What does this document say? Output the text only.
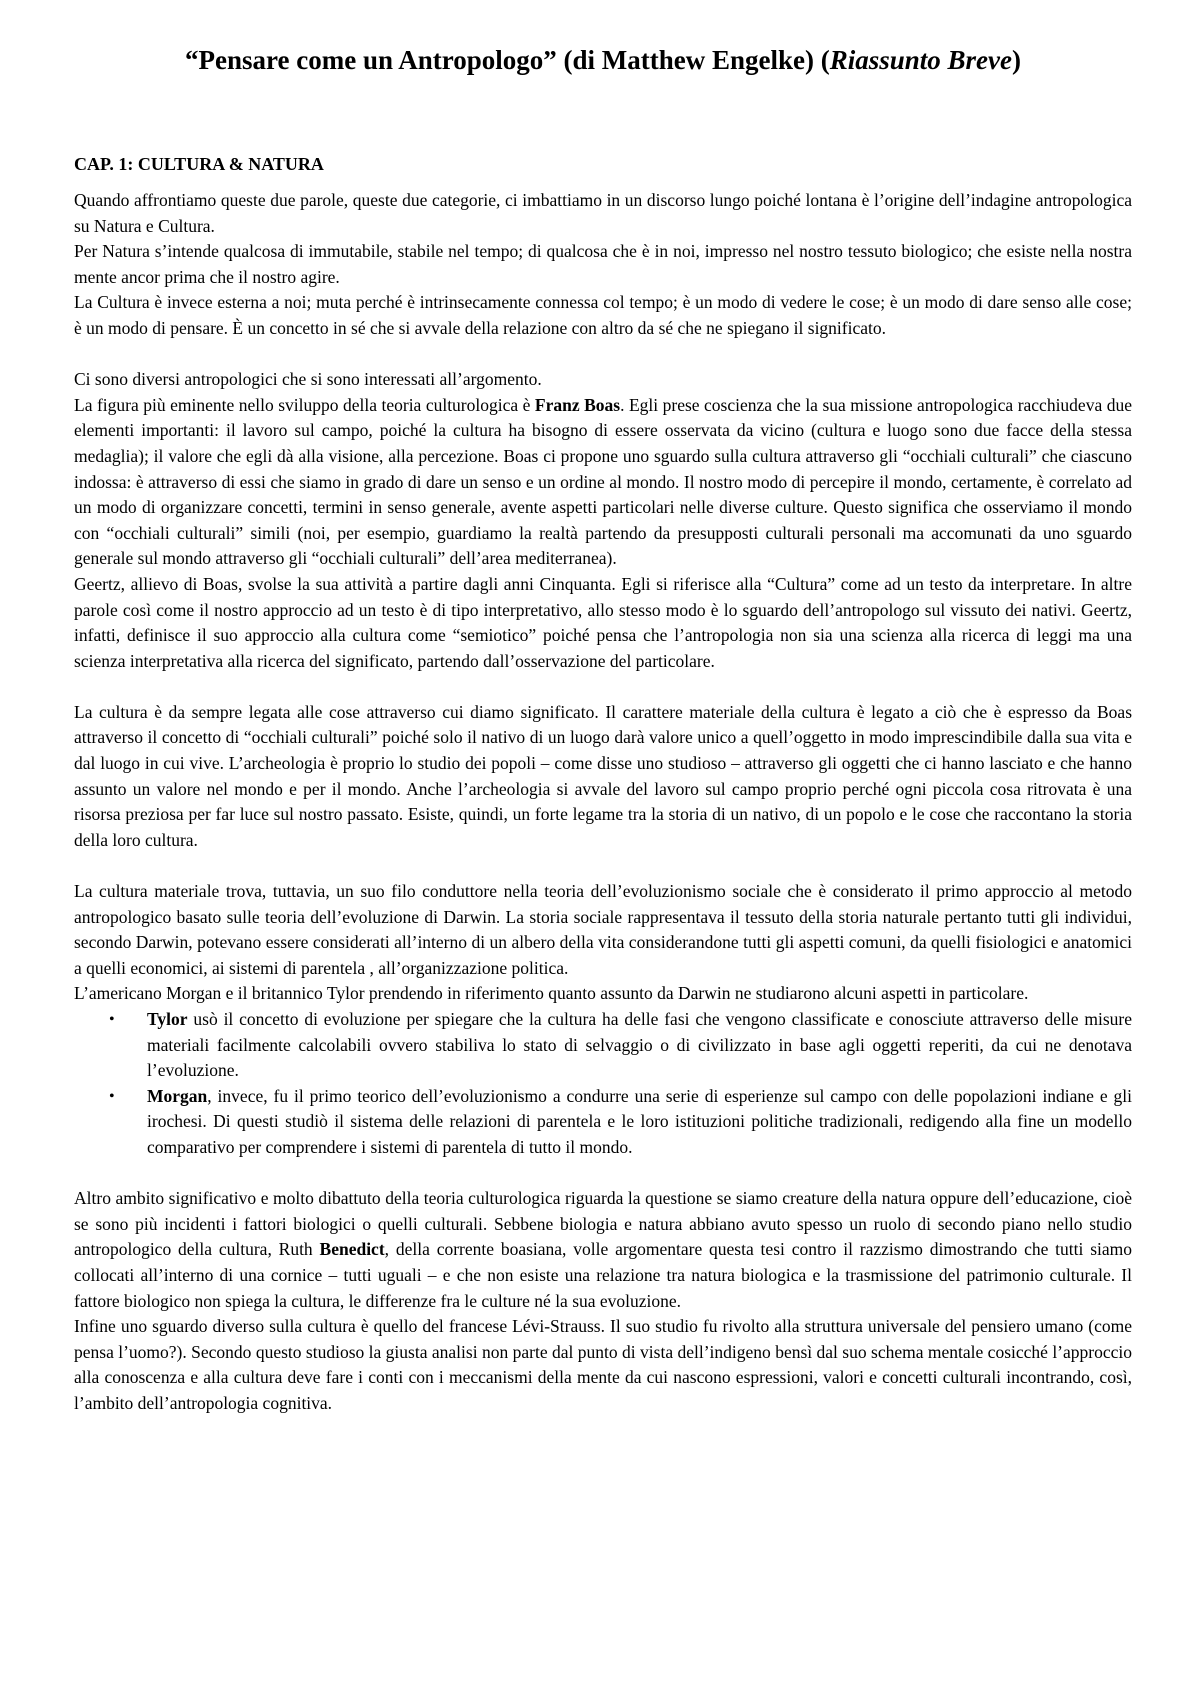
“Pensare come un Antropologo” (di Matthew Engelke) (Riassunto Breve)
CAP. 1: CULTURA & NATURA

Quando affrontiamo queste due parole, queste due categorie, ci imbattiamo in un discorso lungo poiché lontana è l’origine dell’indagine antropologica su Natura e Cultura.

Per Natura s’intende qualcosa di immutabile, stabile nel tempo; di qualcosa che è in noi, impresso nel nostro tessuto biologico; che esiste nella nostra mente ancor prima che il nostro agire.

La Cultura è invece esterna a noi; muta perché è intrinsecamente connessa col tempo; è un modo di vedere le cose; è un modo di dare senso alle cose; è un modo di pensare. È un concetto in sé che si avvale della relazione con altro da sé che ne spiegano il significato.

Ci sono diversi antropologici che si sono interessati all’argomento.

La figura più eminente nello sviluppo della teoria culturologica è Franz Boas. Egli prese coscienza che la sua missione antropologica racchiudeva due elementi importanti: il lavoro sul campo, poiché la cultura ha bisogno di essere osservata da vicino (cultura e luogo sono due facce della stessa medaglia); il valore che egli dà alla visione, alla percezione. Boas ci propone uno sguardo sulla cultura attraverso gli “occhiali culturali” che ciascuno indossa: è attraverso di essi che siamo in grado di dare un senso e un ordine al mondo. Il nostro modo di percepire il mondo, certamente, è correlato ad un modo di organizzare concetti, termini in senso generale, avente aspetti particolari nelle diverse culture. Questo significa che osserviamo il mondo con “occhiali culturali” simili (noi, per esempio, guardiamo la realtà partendo da presupposti culturali personali ma accomunati da uno sguardo generale sul mondo attraverso gli “occhiali culturali” dell’area mediterranea).

Geertz, allievo di Boas, svolse la sua attività a partire dagli anni Cinquanta. Egli si riferisce alla “Cultura” come ad un testo da interpretare. In altre parole così come il nostro approccio ad un testo è di tipo interpretativo, allo stesso modo è lo sguardo dell’antropologo sul vissuto dei nativi. Geertz, infatti, definisce il suo approccio alla cultura come “semiotico” poiché pensa che l’antropologia non sia una scienza alla ricerca di leggi ma una scienza interpretativa alla ricerca del significato, partendo dall’osservazione del particolare.

La cultura è da sempre legata alle cose attraverso cui diamo significato. Il carattere materiale della cultura è legato a ciò che è espresso da Boas attraverso il concetto di “occhiali culturali” poiché solo il nativo di un luogo darà valore unico a quell’oggetto in modo imprescindibile dalla sua vita e dal luogo in cui vive. L’archeologia è proprio lo studio dei popoli – come disse uno studioso – attraverso gli oggetti che ci hanno lasciato e che hanno assunto un valore nel mondo e per il mondo. Anche l’archeologia si avvale del lavoro sul campo proprio perché ogni piccola cosa ritrovata è una risorsa preziosa per far luce sul nostro passato. Esiste, quindi, un forte legame tra la storia di un nativo, di un popolo e le cose che raccontano la storia della loro cultura.

La cultura materiale trova, tuttavia, un suo filo conduttore nella teoria dell’evoluzionismo sociale che è considerato il primo approccio al metodo antropologico basato sulle teoria dell’evoluzione di Darwin. La storia sociale rappresentava il tessuto della storia naturale pertanto tutti gli individui, secondo Darwin, potevano essere considerati all’interno di un albero della vita considerandone tutti gli aspetti comuni, da quelli fisiologici e anatomici a quelli economici, ai sistemi di parentela , all’organizzazione politica.

L’americano Morgan e il britannico Tylor prendendo in riferimento quanto assunto da Darwin ne studiarono alcuni aspetti in particolare.

• Tylor usò il concetto di evoluzione per spiegare che la cultura ha delle fasi che vengono classificate e conosciute attraverso delle misure materiali facilmente calcolabili ovvero stabiliva lo stato di selvaggio o di civilizzato in base agli oggetti reperiti, da cui ne denotava l’evoluzione.
• Morgan, invece, fu il primo teorico dell’evoluzionismo a condurre una serie di esperienze sul campo con delle popolazioni indiane e gli irochesi. Di questi studiò il sistema delle relazioni di parentela e le loro istituzioni politiche tradizionali, redigendo alla fine un modello comparativo per comprendere i sistemi di parentela di tutto il mondo.

Altro ambito significativo e molto dibattuto della teoria culturologica riguarda la questione se siamo creature della natura oppure dell’educazione, cioè se sono più incidenti i fattori biologici o quelli culturali. Sebbene biologia e natura abbiano avuto spesso un ruolo di secondo piano nello studio antropologico della cultura, Ruth Benedict, della corrente boasiana, volle argomentare questa tesi contro il razzismo dimostrando che tutti siamo collocati all’interno di una cornice – tutti uguali – e che non esiste una relazione tra natura biologica e la trasmissione del patrimonio culturale. Il fattore biologico non spiega la cultura, le differenze fra le culture né la sua evoluzione.

Infine uno sguardo diverso sulla cultura è quello del francese Lévi-Strauss. Il suo studio fu rivolto alla struttura universale del pensiero umano (come pensa l’uomo?). Secondo questo studioso la giusta analisi non parte dal punto di vista dell’indigeno bensì dal suo schema mentale cosicché l’approccio alla conoscenza e alla cultura deve fare i conti con i meccanismi della mente da cui nascono espressioni, valori e concetti culturali incontrando, così, l’ambito dell’antropologia cognitiva.
